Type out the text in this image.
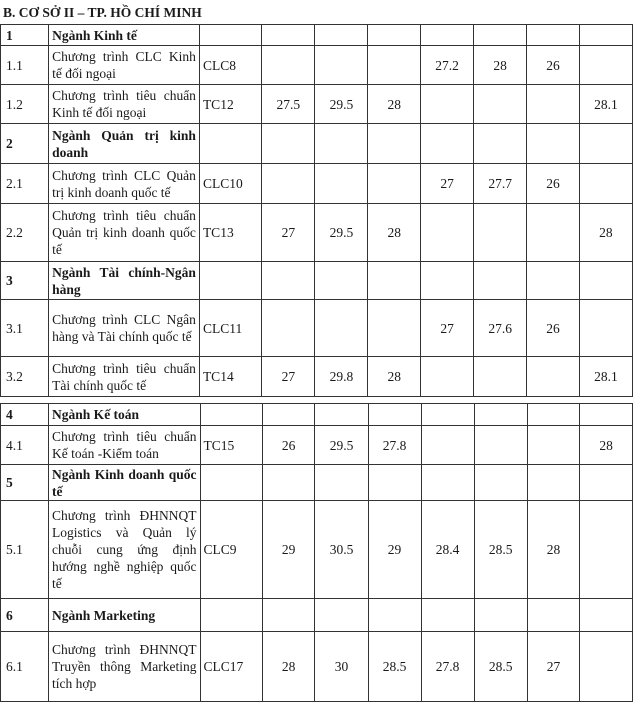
B. CƠ SỞ II – TP. HỒ CHÍ MINH
1	Ngành Kinh tế								
1.1	Chương trình CLC Kinh tế đối ngoại	CLC8				27.2	28	26	
1.2	Chương trình tiêu chuẩn Kinh tế đối ngoại	TC12	27.5	29.5	28				28.1
2	Ngành Quản trị kinh doanh								
2.1	Chương trình CLC Quản trị kinh doanh quốc tế	CLC10				27	27.7	26	
2.2	Chương trình tiêu chuẩn Quản trị kinh doanh quốc tế	TC13	27	29.5	28				28
3	Ngành Tài chính-Ngân hàng								
3.1	Chương trình CLC Ngân hàng và Tài chính quốc tế	CLC11				27	27.6	26	
3.2	Chương trình tiêu chuẩn Tài chính quốc tế	TC14	27	29.8	28				28.1
4	Ngành Kế toán								
4.1	Chương trình tiêu chuẩn Kế toán -Kiểm toán	TC15	26	29.5	27.8				28
5	Ngành Kinh doanh quốc tế								
5.1	Chương trình ĐHNNQT Logistics và Quản lý chuỗi cung ứng định hướng nghề nghiệp quốc tế	CLC9	29	30.5	29	28.4	28.5	28	
6	Ngành Marketing								
6.1	Chương trình ĐHNNQT Truyền thông Marketing tích hợp	CLC17	28	30	28.5	27.8	28.5	27	
